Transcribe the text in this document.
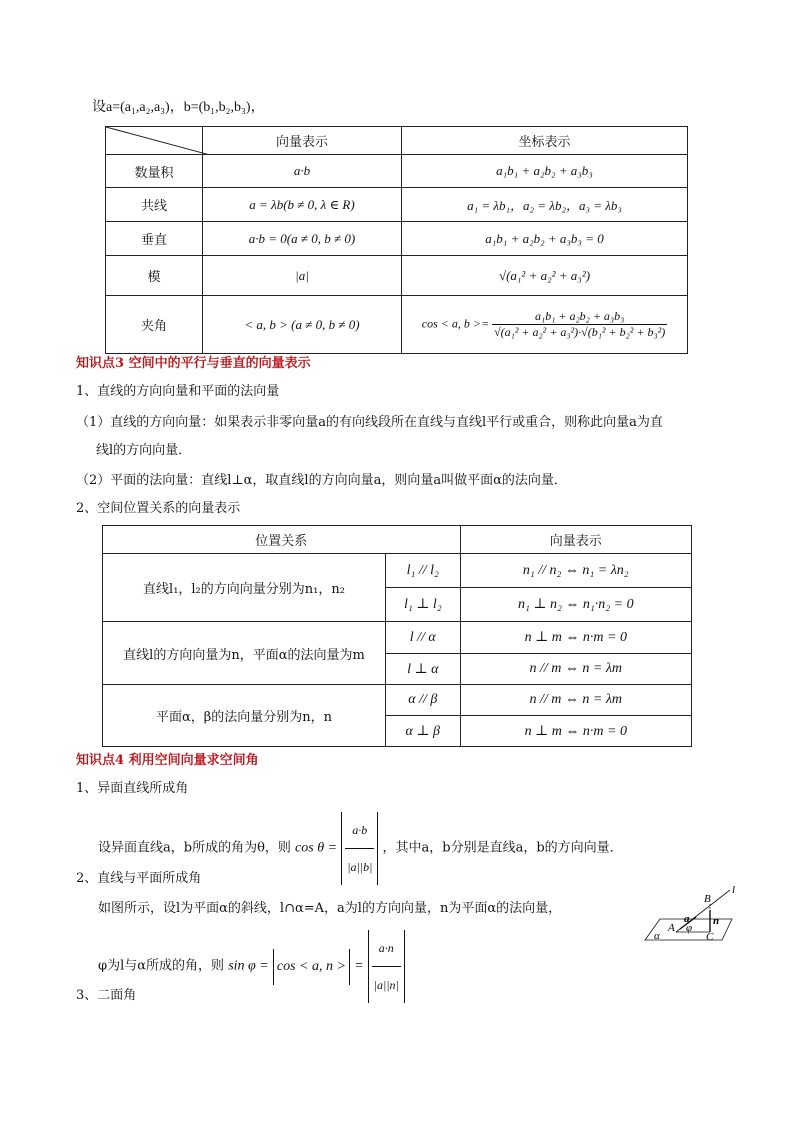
设a=(a₁,a₂,a₃)，b=(b₁,b₂,b₃)，
	向量表示	坐标表示
数量积	a·b	a₁b₁ + a₂b₂ + a₃b₃
共线	a = λb(b ≠ 0, λ ∈ R)	a₁ = λb₁，a₂ = λb₂，a₃ = λb₃
垂直	a·b = 0(a ≠ 0, b ≠ 0)	a₁b₁ + a₂b₂ + a₃b₃ = 0
模	|a|	√(a₁² + a₂² + a₃²)
夹角	< a, b > (a ≠ 0, b ≠ 0)	cos < a, $b >= \frac{\text{a₁b₁ + a₂b₂ + a₃b₃}}{\text{√(a₁² + a₂² + a₃²)·√(b₁² + b₂² + b₃²)}}$
知识点3 空间中的平行与垂直的向量表示
1、直线的方向向量和平面的法向量
（1）直线的方向向量：如果表示非零向量a的有向线段所在直线与直线l平行或重合，则称此向量a为直
线l的方向向量．
（2）平面的法向量：直线l⊥α，取直线l的方向向量a，则向量a叫做平面α的法向量．
2、空间位置关系的向量表示
位置关系		向量表示
直线l₁，l₂的方向向量分别为n₁，n₂	l₁ // l₂	n₁ // n₂ ⇔ n₁ = λn₂
	l₁ ⊥ l₂	n₁ ⊥ n₂ ⇔ n₁·n₂ = 0
直线l的方向向量为n，平面α的法向量为m	l // α	n ⊥ m ⇔ n·m = 0
	l ⊥ α	n // m ⇔ n = λm
平面α，β的法向量分别为n，n	α // β	n // m ⇔ n = λm
	α ⊥ β	n ⊥ m ⇔ n·m = 0
知识点4 利用空间向量求空间角
1、异面直线所成角
设异面直线a，b所成的角为θ，则 $\cos \theta = \frac{a\cdot b}{|a||b|}$ ，其中a，b分别是直线a，b的方向向量．
2、直线与平面所成角
如图所示，设l为平面α的斜线，l∩α=A，a为l的方向向量，n为平面α的法向量，
φ为l与α所成的角，则 sin φ = cos < a, n > = $\frac{a\cdot n}{|a||n|}$
l
B
a
A φ
n
α	C
3、二面角
